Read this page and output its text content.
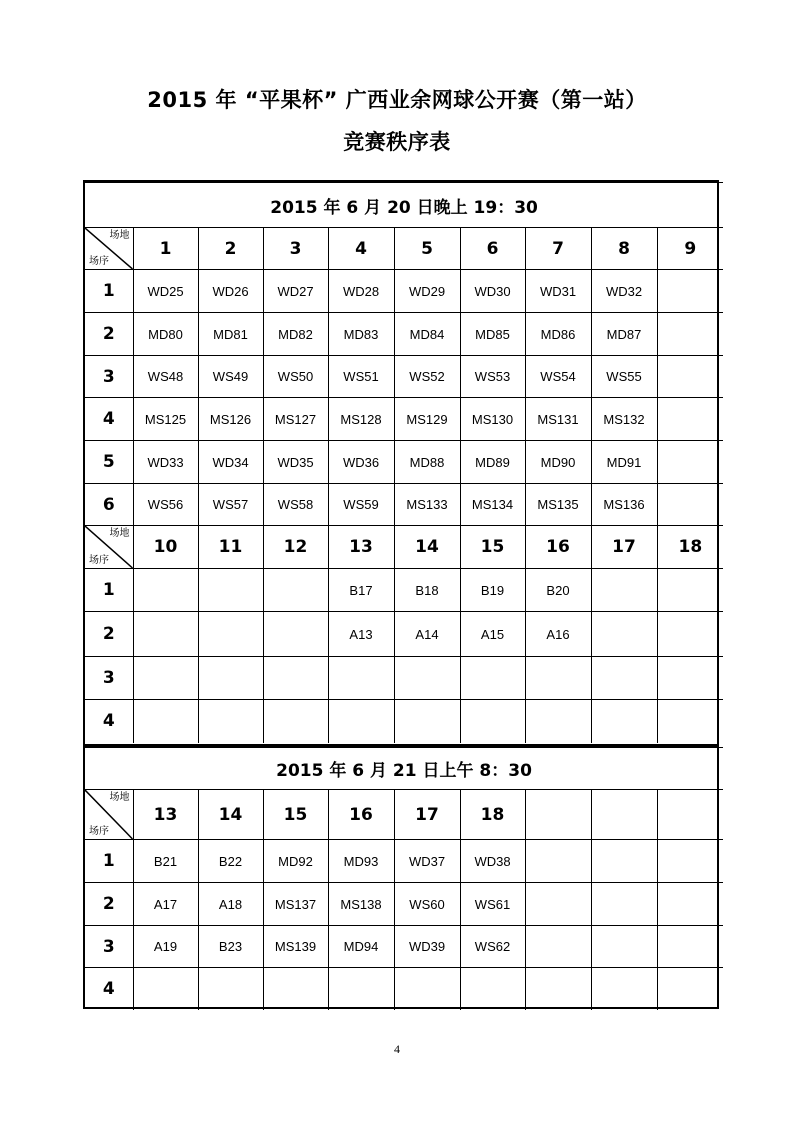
2015 年 “平果杯” 广西业余网球公开赛（第一站）
竞赛秩序表
2015 年 6 月 20 日晚上 19：30									

场地
场序	1	2	3	4	5	6	7	8	9
1	WD25	WD26	WD27	WD28	WD29	WD30	WD31	WD32	
2	MD80	MD81	MD82	MD83	MD84	MD85	MD86	MD87	
3	WS48	WS49	WS50	WS51	WS52	WS53	WS54	WS55	
4	MS125	MS126	MS127	MS128	MS129	MS130	MS131	MS132	
5	WD33	WD34	WD35	WD36	MD88	MD89	MD90	MD91	
6	WS56	WS57	WS58	WS59	MS133	MS134	MS135	MS136	

场地
场序	10	11	12	13	14	15	16	17	18
1				B17	B18	B19	B20		
2				A13	A14	A15	A16		
3									
4									
2015 年 6 月 21 日上午 8：30									

场地
场序	13	14	15	16	17	18			
1	B21	B22	MD92	MD93	WD37	WD38			
2	A17	A18	MS137	MS138	WS60	WS61			
3	A19	B23	MS139	MD94	WD39	WS62			
4									
4
